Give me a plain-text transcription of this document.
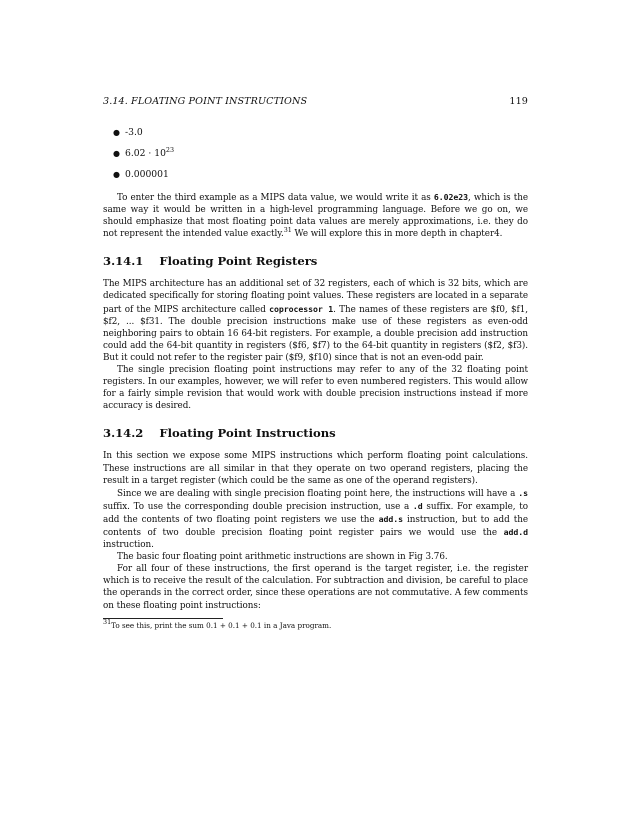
3.14. FLOATING POINT INSTRUCTIONS	119
● -3.0
● $6.02 \cdot 10^{23}$
● 0.000001

To enter the third example as a MIPS data value, we would write it as 6.02e23, which is the same way it would be written in a high-level programming language. Before we go on, we should emphasize that most floating point data values are merely approximations, i.e. they do not represent the intended value exactly.$^{31}$ We will explore this in more depth in chapter4.

3.14.1 Floating Point Registers

The MIPS architecture has an additional set of 32 registers, each of which is 32 bits, which are dedicated specifically for storing floating point values. These registers are located in a separate part of the MIPS architecture called coprocessor 1. The names of these registers are $f0, $f1, $f2, ... $f31. The double precision instructions make use of these registers as even-odd neighboring pairs to obtain 16 64-bit registers. For example, a double precision add instruction could add the 64-bit quantity in registers ($f6, $f7) to the 64-bit quantity in registers ($f2, $f3). But it could not refer to the register pair ($f9, $f10) since that is not an even-odd pair.

The single precision floating point instructions may refer to any of the 32 floating point registers. In our examples, however, we will refer to even numbered registers. This would allow for a fairly simple revision that would work with double precision instructions instead if more accuracy is desired.

3.14.2 Floating Point Instructions

In this section we expose some MIPS instructions which perform floating point calculations. These instructions are all similar in that they operate on two operand registers, placing the result in a target register (which could be the same as one of the operand registers).

Since we are dealing with single precision floating point here, the instructions will have a .s suffix. To use the corresponding double precision instruction, use a .d suffix. For example, to add the contents of two floating point registers we use the add.s instruction, but to add the contents of two double precision floating point register pairs we would use the add.d instruction.

The basic four floating point arithmetic instructions are shown in Fig 3.76.

For all four of these instructions, the first operand is the target register, i.e. the register which is to receive the result of the calculation. For subtraction and division, be careful to place the operands in the correct order, since these operations are not commutative. A few comments on these floating point instructions:

$^{31}$To see this, print the sum 0.1 + 0.1 + 0.1 in a Java program.
